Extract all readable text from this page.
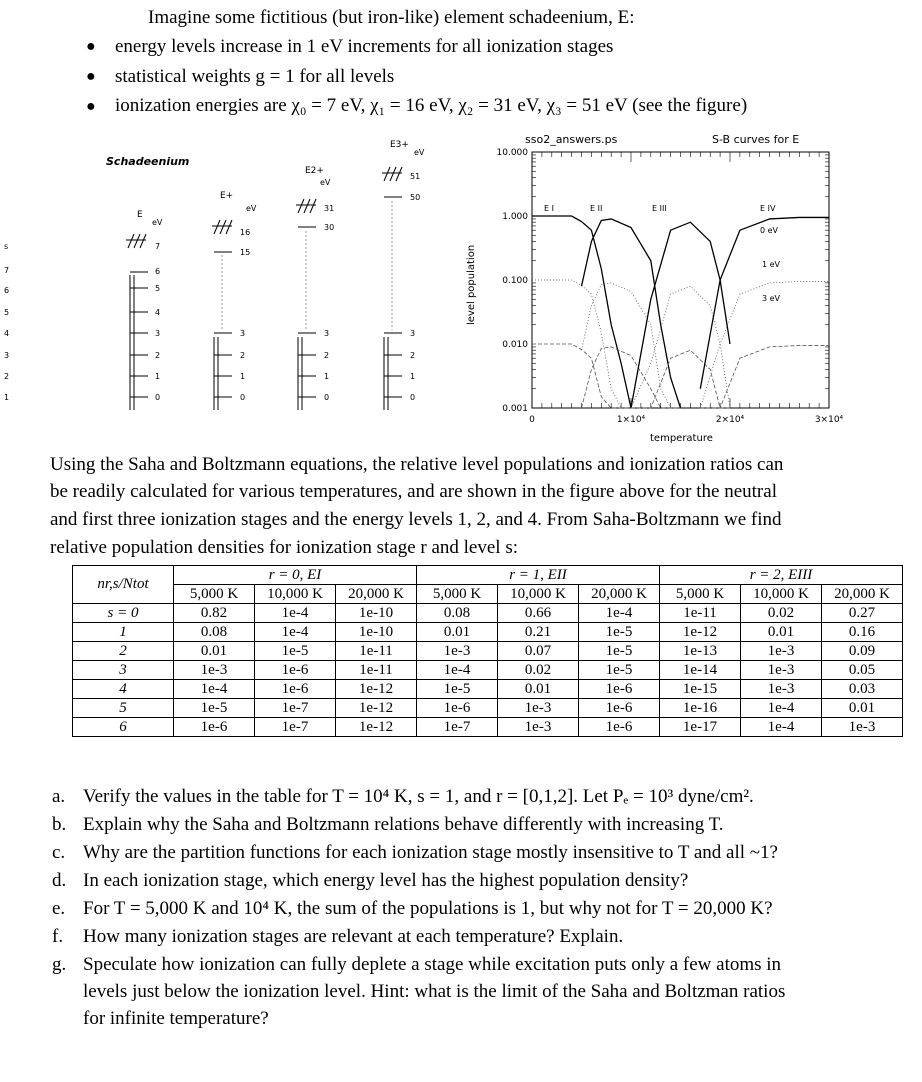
Imagine some fictitious (but iron-like) element schadeenium, E:
● energy levels increase in 1 eV increments for all ionization stages
● statistical weights g = 1 for all levels
● ionization energies are χ₀ = 7 eV, χ₁ = 16 eV, χ₂ = 31 eV, χ₃ = 51 eV (see the figure)
Schadeenium
s
7
6
5
4
3
2
1
E
eV
7
6
5
4
3
2
1
0
E+
eV
16
15
3
2
1
0
E2+
eV
31
30
3
2
1
0
E3+
eV
51
50
3
2
1
0
sso2_answers.ps	S-B curves for E
temperature
level population
10.000
1.000
0.100
0.010
0.001
0	1×10⁴	2×10⁴	3×10⁴
E I	E II	E III	E IV
0 eV
1 eV
3 eV
Using the Saha and Boltzmann equations, the relative level populations and ionization ratios can
be readily calculated for various temperatures, and are shown in the figure above for the neutral
and first three ionization stages and the energy levels 1, 2, and 4. From Saha-Boltzmann we find
relative population densities for ionization stage r and level s:
nr,s/Ntot	r = 0, EI			r = 1, EII			r = 2, EIII		
	5,000 K	10,000 K	20,000 K	5,000 K	10,000 K	20,000 K	5,000 K	10,000 K	20,000 K
s = 0	0.82	1e-4	1e-10	0.08	0.66	1e-4	1e-11	0.02	0.27
1	0.08	1e-4	1e-10	0.01	0.21	1e-5	1e-12	0.01	0.16
2	0.01	1e-5	1e-11	1e-3	0.07	1e-5	1e-13	1e-3	0.09
3	1e-3	1e-6	1e-11	1e-4	0.02	1e-5	1e-14	1e-3	0.05
4	1e-4	1e-6	1e-12	1e-5	0.01	1e-6	1e-15	1e-3	0.03
5	1e-5	1e-7	1e-12	1e-6	1e-3	1e-6	1e-16	1e-4	0.01
6	1e-6	1e-7	1e-12	1e-7	1e-3	1e-6	1e-17	1e-4	1e-3
a. Verify the values in the table for T = 10⁴ K, s = 1, and r = [0,1,2]. Let Pₑ = 10³ dyne/cm².
b. Explain why the Saha and Boltzmann relations behave differently with increasing T.
c. Why are the partition functions for each ionization stage mostly insensitive to T and all ~1?
d. In each ionization stage, which energy level has the highest population density?
e. For T = 5,000 K and 10⁴ K, the sum of the populations is 1, but why not for T = 20,000 K?
f. How many ionization stages are relevant at each temperature? Explain.
g. Speculate how ionization can fully deplete a stage while excitation puts only a few atoms in
levels just below the ionization level. Hint: what is the limit of the Saha and Boltzman ratios
for infinite temperature?
